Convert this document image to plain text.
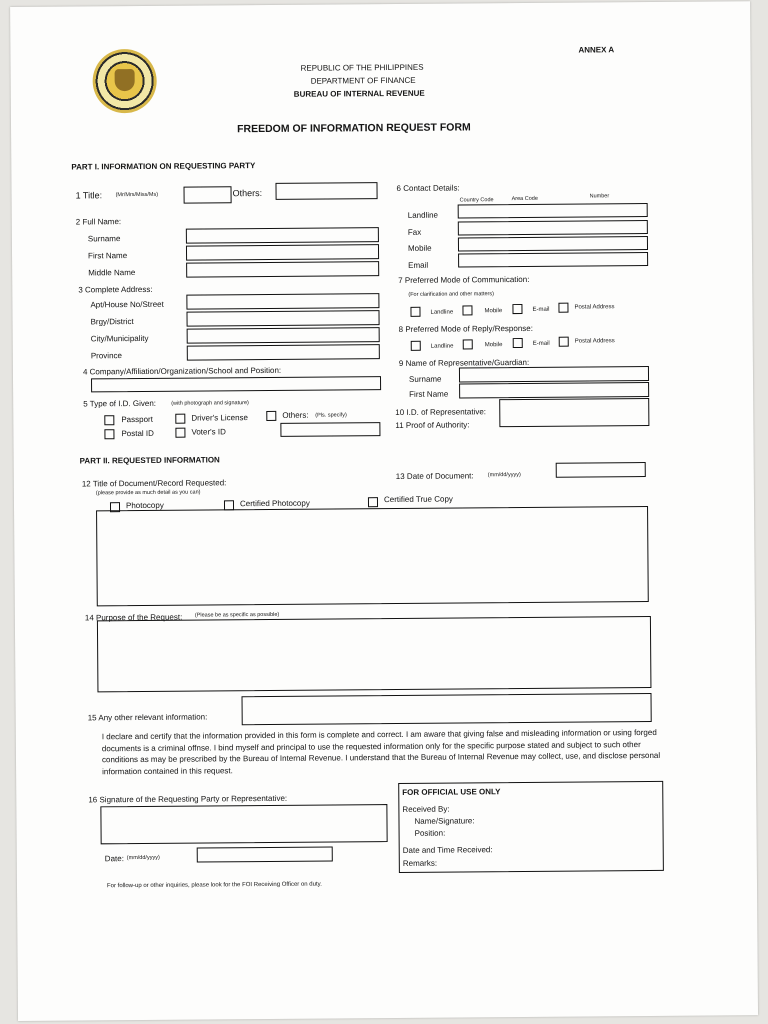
ANNEX A
REPUBLIC OF THE PHILIPPINES
DEPARTMENT OF FINANCE
BUREAU OF INTERNAL REVENUE
FREEDOM OF INFORMATION REQUEST FORM
PART I. INFORMATION ON REQUESTING PARTY
1 Title: (Mr/Mrs/Miss/Ms)	Others:
2 Full Name:
Surname
First Name
Middle Name
3 Complete Address:
Apt/House No/Street
Brgy/District
City/Municipality
Province
4 Company/Affiliation/Organization/School and Position:
5 Type of I.D. Given:	(with photograph and signature)
Passport
Postal ID
Driver's License
Voter's ID
Others: (Pls. specify)
6 Contact Details:
Country Code	Area Code	Number
Landline
Fax
Mobile
Email
7 Preferred Mode of Communication:
(For clarification and other matters)
Landline	Mobile	E-mail	Postal Address
8 Preferred Mode of Reply/Response:
Landline	Mobile	E-mail	Postal Address
9 Name of Representative/Guardian:
Surname
First Name
10 I.D. of Representative:
11 Proof of Authority:
PART II. REQUESTED INFORMATION
12 Title of Document/Record Requested:
(please provide as much detail as you can)
13 Date of Document:	(mm/dd/yyyy)
Photocopy	Certified Photocopy	Certified True Copy
14 Purpose of the Request: (Please be as specific as possible)
15 Any other relevant information:
I declare and certify that the information provided in this form is complete and correct. I am aware that giving false and misleading information or using forged documents is a criminal offnse. I bind myself and principal to use the requested information only for the specific purpose stated and subject to such other conditions as may be prescribed by the Bureau of Internal Revenue. I understand that the Bureau of Internal Revenue may collect, use, and disclose personal information contained in this request.
16 Signature of the Requesting Party or Representative:
Date: (mm/dd/yyyy)
FOR OFFICIAL USE ONLY
Received By:
Name/Signature:
Position:
Date and Time Received:
Remarks:
For follow-up or other inquiries, please look for the FOI Receiving Officer on duty.
